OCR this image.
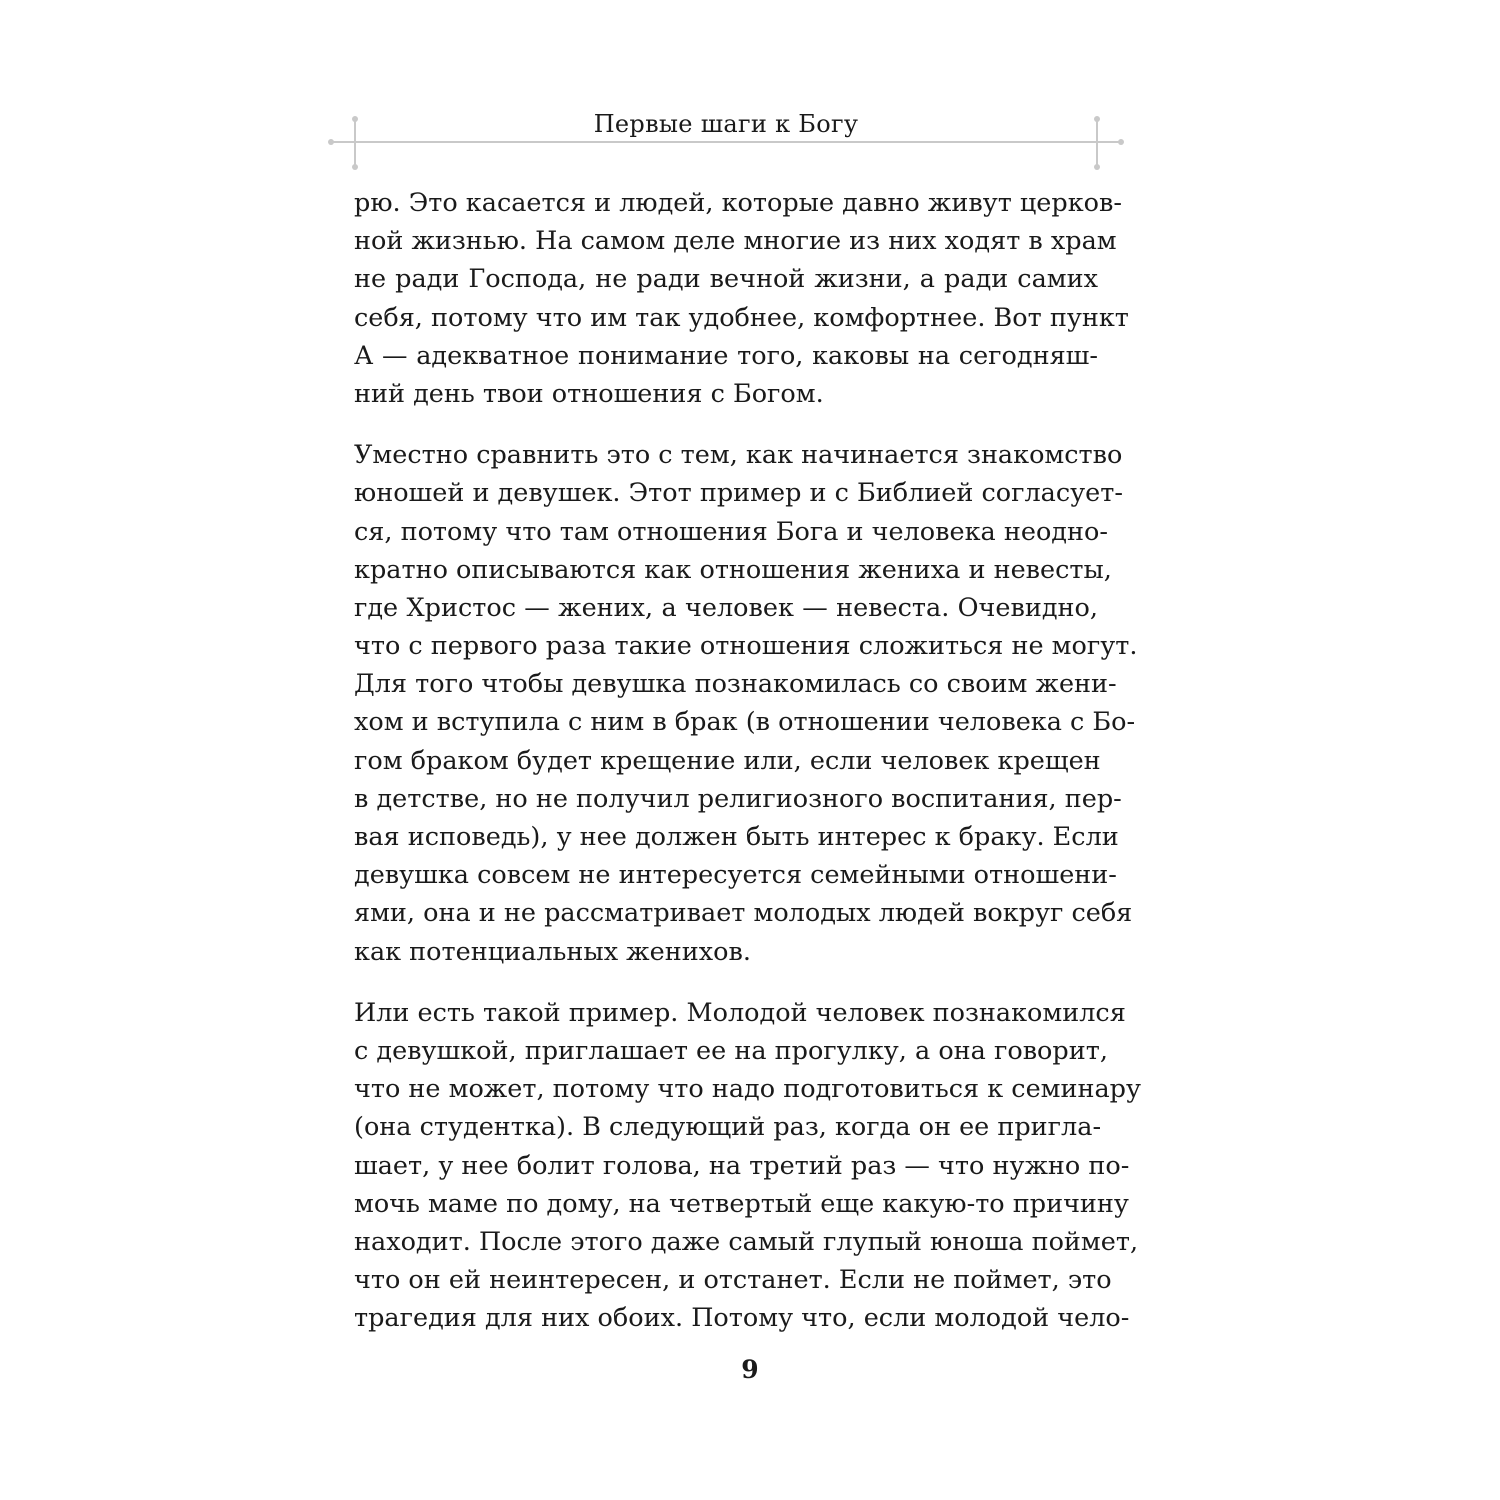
Первые шаги к Богу

рю. Это касается и людей, которые давно живут церков-
ной жизнью. На самом деле многие из них ходят в храм
не ради Господа, не ради вечной жизни, а ради самих
себя, потому что им так удобнее, комфортнее. Вот пункт
А — адекватное понимание того, каковы на сегодняш-
ний день твои отношения с Богом.

Уместно сравнить это с тем, как начинается знакомство
юношей и девушек. Этот пример и с Библией согласует-
ся, потому что там отношения Бога и человека неодно-
кратно описываются как отношения жениха и невесты,
где Христос — жених, а человек — невеста. Очевидно,
что с первого раза такие отношения сложиться не могут.
Для того чтобы девушка познакомилась со своим жени-
хом и вступила с ним в брак (в отношении человека с Бо-
гом браком будет крещение или, если человек крещен
в детстве, но не получил религиозного воспитания, пер-
вая исповедь), у нее должен быть интерес к браку. Если
девушка совсем не интересуется семейными отношени-
ями, она и не рассматривает молодых людей вокруг себя
как потенциальных женихов.

Или есть такой пример. Молодой человек познакомился
с девушкой, приглашает ее на прогулку, а она говорит,
что не может, потому что надо подготовиться к семинару
(она студентка). В следующий раз, когда он ее пригла-
шает, у нее болит голова, на третий раз — что нужно по-
мочь маме по дому, на четвертый еще какую-то причину
находит. После этого даже самый глупый юноша поймет,
что он ей неинтересен, и отстанет. Если не поймет, это
трагедия для них обоих. Потому что, если молодой чело-

9
